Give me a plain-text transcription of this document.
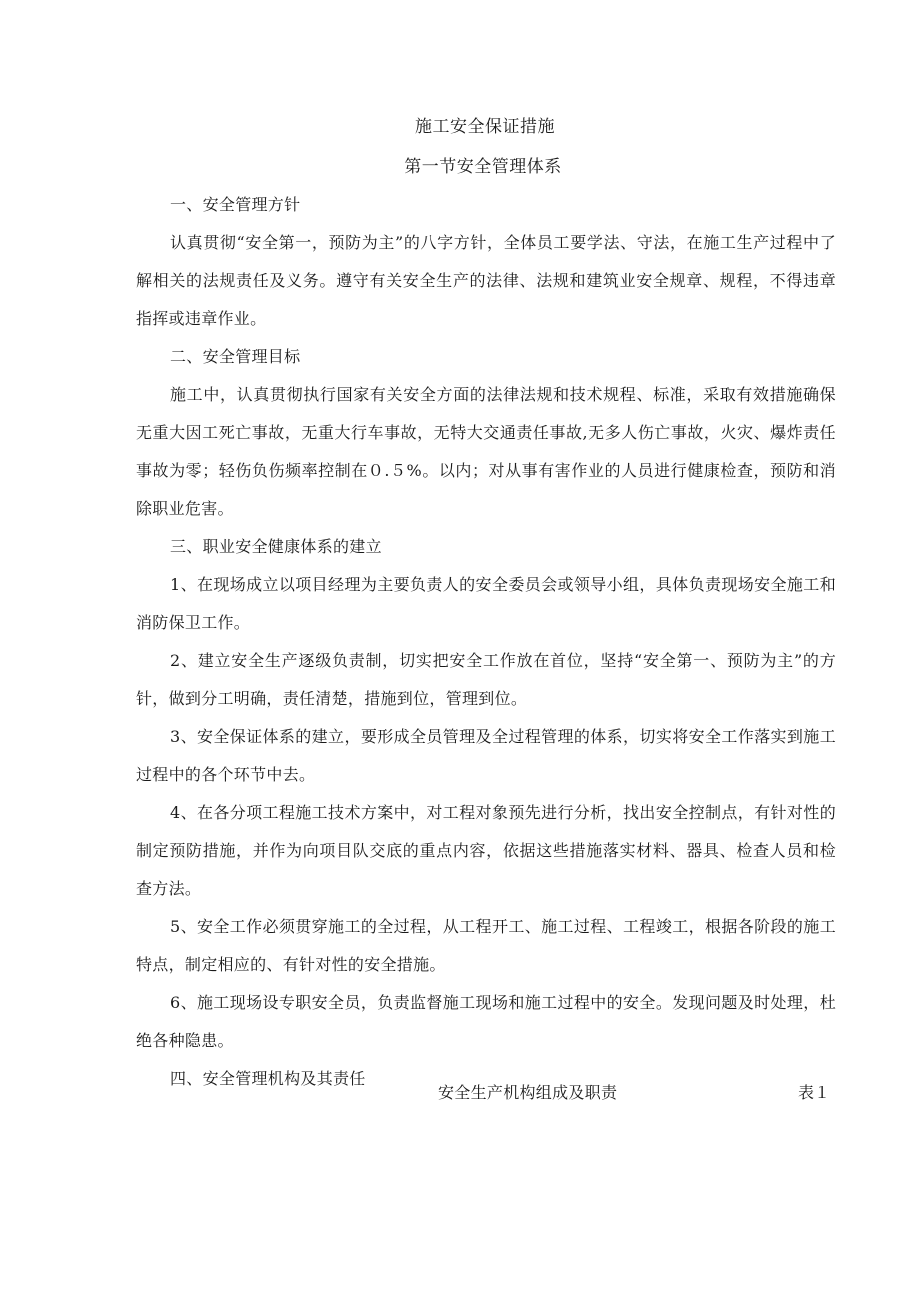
施工安全保证措施
第一节安全管理体系

一、安全管理方针

认真贯彻“安全第一，预防为主”的八字方针，全体员工要学法、守法，在施工生产过程中了解相关的法规责任及义务。遵守有关安全生产的法律、法规和建筑业安全规章、规程，不得违章指挥或违章作业。

二、安全管理目标

施工中，认真贯彻执行国家有关安全方面的法律法规和技术规程、标准，采取有效措施确保无重大因工死亡事故，无重大行车事故，无特大交通责任事故,无多人伤亡事故，火灾、爆炸责任事故为零；轻伤负伤频率控制在０.５%。以内；对从事有害作业的人员进行健康检查，预防和消除职业危害。

三、职业安全健康体系的建立

1、在现场成立以项目经理为主要负责人的安全委员会或领导小组，具体负责现场安全施工和消防保卫工作。

2、建立安全生产逐级负责制，切实把安全工作放在首位，坚持“安全第一、预防为主”的方针，做到分工明确，责任清楚，措施到位，管理到位。

3、安全保证体系的建立，要形成全员管理及全过程管理的体系，切实将安全工作落实到施工过程中的各个环节中去。

4、在各分项工程施工技术方案中，对工程对象预先进行分析，找出安全控制点，有针对性的制定预防措施，并作为向项目队交底的重点内容，依据这些措施落实材料、器具、检查人员和检查方法。

5、安全工作必须贯穿施工的全过程，从工程开工、施工过程、工程竣工，根据各阶段的施工特点，制定相应的、有针对性的安全措施。

6、施工现场设专职安全员，负责监督施工现场和施工过程中的安全。发现问题及时处理，杜绝各种隐患。

四、安全管理机构及其责任

安全生产机构组成及职责	表１
